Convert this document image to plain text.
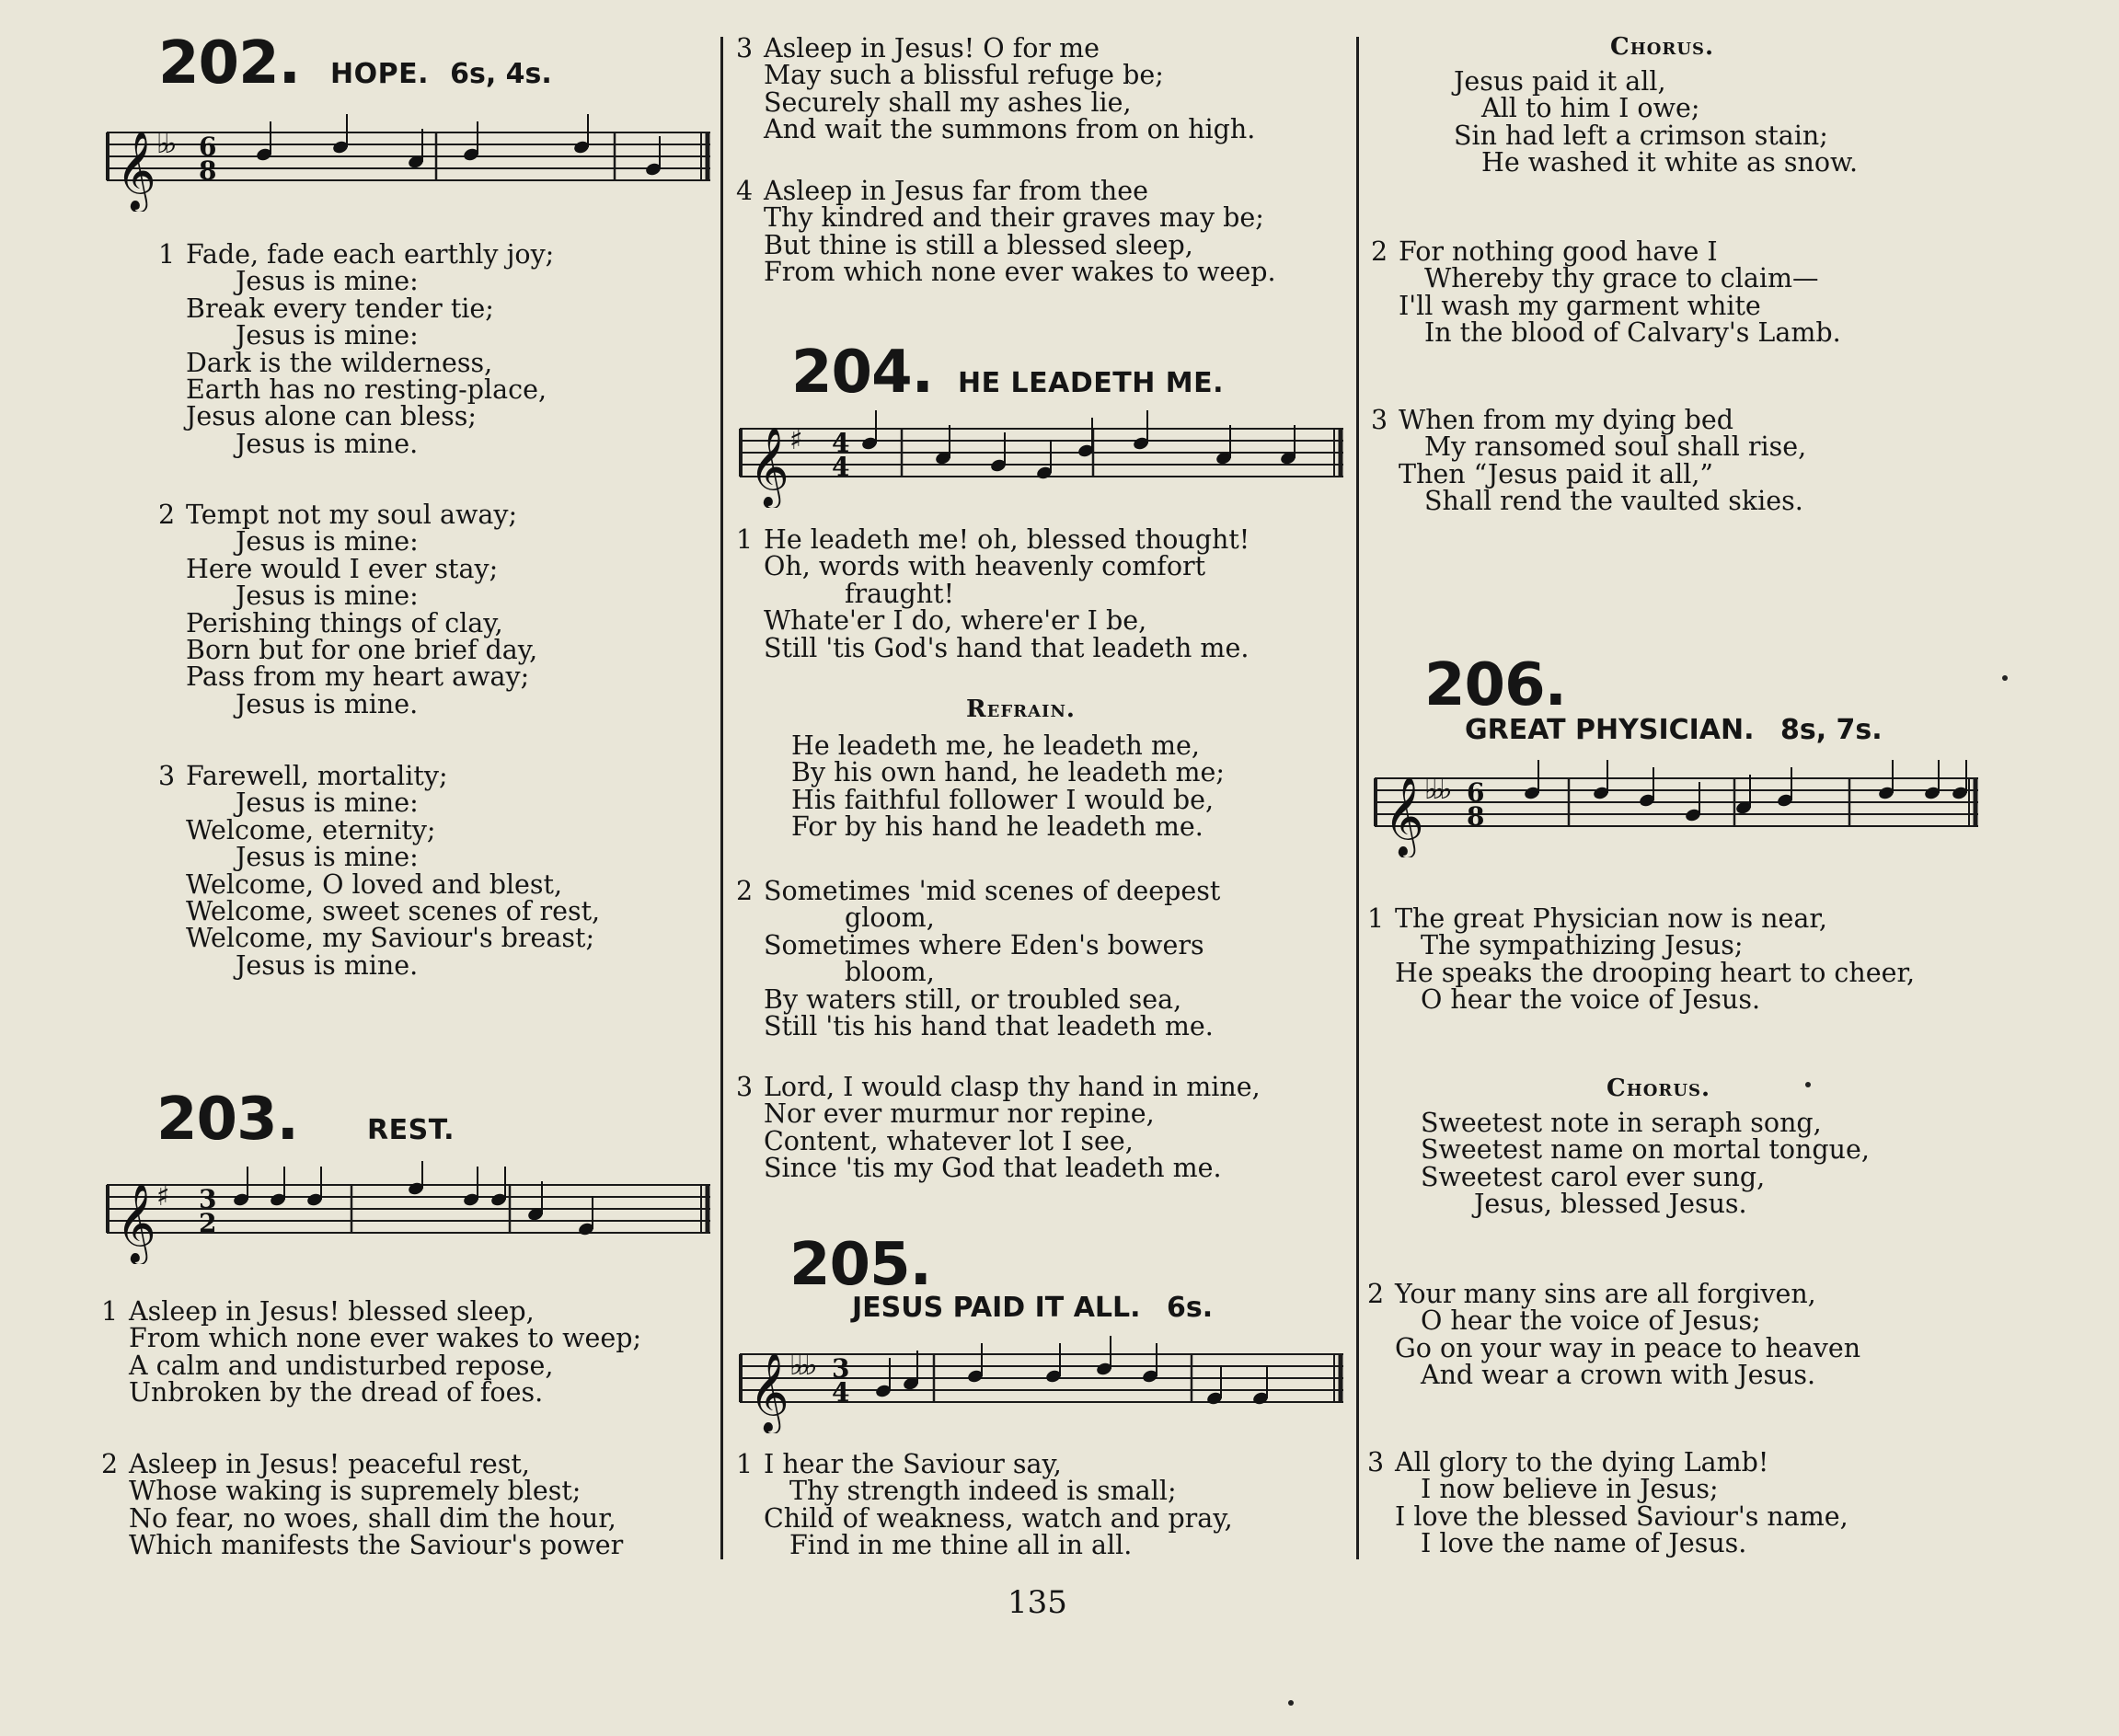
202. HOPE. 6s, 4s.
𝄞 ♭♭ 6
8
1 Fade, fade each earthly joy;
Jesus is mine:
Break every tender tie;
Jesus is mine:
Dark is the wilderness,
Earth has no resting-place,
Jesus alone can bless;
Jesus is mine.
2 Tempt not my soul away;
Jesus is mine:
Here would I ever stay;
Jesus is mine:
Perishing things of clay,
Born but for one brief day,
Pass from my heart away;
Jesus is mine.
3 Farewell, mortality;
Jesus is mine:
Welcome, eternity;
Jesus is mine:
Welcome, O loved and blest,
Welcome, sweet scenes of rest,
Welcome, my Saviour's breast;
Jesus is mine.
203.	REST.
𝄞 ♯ 3
2
1 Asleep in Jesus! blessed sleep,
From which none ever wakes to weep;
A calm and undisturbed repose,
Unbroken by the dread of foes.
2 Asleep in Jesus! peaceful rest,
Whose waking is supremely blest;
No fear, no woes, shall dim the hour,
Which manifests the Saviour's power
3 Asleep in Jesus! O for me
May such a blissful refuge be;
Securely shall my ashes lie,
And wait the summons from on high.
4 Asleep in Jesus far from thee
Thy kindred and their graves may be;
But thine is still a blessed sleep,
From which none ever wakes to weep.
204. HE LEADETH ME.
𝄞 ♯ 4
4
1 He leadeth me! oh, blessed thought!
Oh, words with heavenly comfort
fraught!
Whate'er I do, where'er I be,
Still 'tis God's hand that leadeth me.
Refrain.
He leadeth me, he leadeth me,
By his own hand, he leadeth me;
His faithful follower I would be,
For by his hand he leadeth me.
2 Sometimes 'mid scenes of deepest
gloom,
Sometimes where Eden's bowers
bloom,
By waters still, or troubled sea,
Still 'tis his hand that leadeth me.
3 Lord, I would clasp thy hand in mine,
Nor ever murmur nor repine,
Content, whatever lot I see,
Since 'tis my God that leadeth me.
205.
JESUS PAID IT ALL. 6s.
𝄞 ♭♭♭ 3
4
1 I hear the Saviour say,
Thy strength indeed is small;
Child of weakness, watch and pray,
Find in me thine all in all.
Chorus.
Jesus paid it all,
All to him I owe;
Sin had left a crimson stain;
He washed it white as snow.
2 For nothing good have I
Whereby thy grace to claim—
I'll wash my garment white
In the blood of Calvary's Lamb.
3 When from my dying bed
My ransomed soul shall rise,
Then “Jesus paid it all,”
Shall rend the vaulted skies.
206.
GREAT PHYSICIAN. 8s, 7s.
𝄞 ♭♭♭ 6
8
1 The great Physician now is near,
The sympathizing Jesus;
He speaks the drooping heart to cheer,
O hear the voice of Jesus.
Chorus.
Sweetest note in seraph song,
Sweetest name on mortal tongue,
Sweetest carol ever sung,
Jesus, blessed Jesus.
2 Your many sins are all forgiven,
O hear the voice of Jesus;
Go on your way in peace to heaven
And wear a crown with Jesus.
3 All glory to the dying Lamb!
I now believe in Jesus;
I love the blessed Saviour's name,
I love the name of Jesus.
135
